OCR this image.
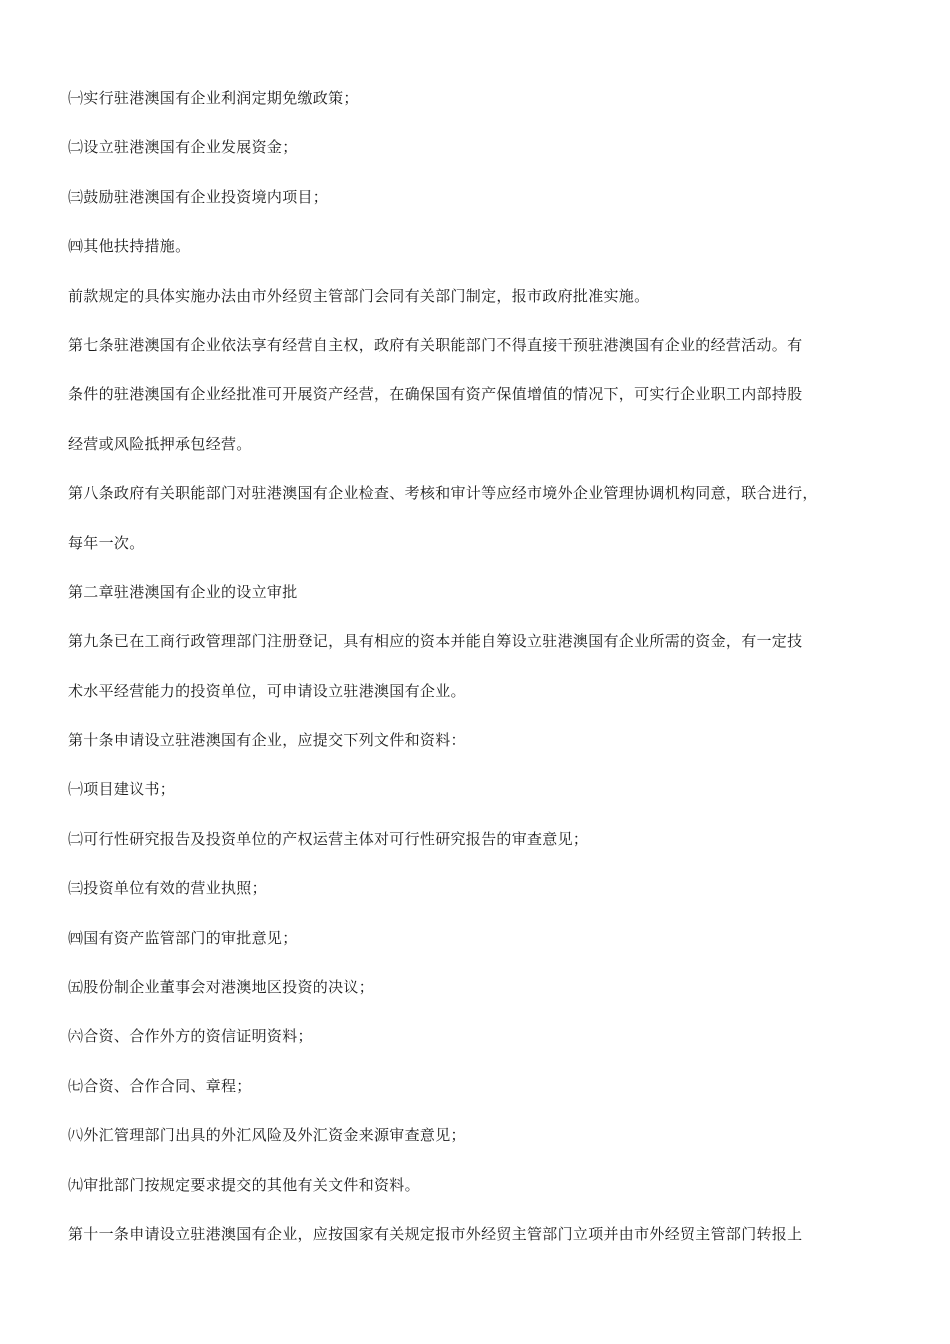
㈠实行驻港澳国有企业利润定期免缴政策；

㈡设立驻港澳国有企业发展资金；

㈢鼓励驻港澳国有企业投资境内项目；

㈣其他扶持措施。

前款规定的具体实施办法由市外经贸主管部门会同有关部门制定，报市政府批准实施。

第七条驻港澳国有企业依法享有经营自主权，政府有关职能部门不得直接干预驻港澳国有企业的经营活动。有

条件的驻港澳国有企业经批准可开展资产经营，在确保国有资产保值增值的情况下，可实行企业职工内部持股

经营或风险抵押承包经营。

第八条政府有关职能部门对驻港澳国有企业检查、考核和审计等应经市境外企业管理协调机构同意，联合进行，

每年一次。

第二章驻港澳国有企业的设立审批

第九条已在工商行政管理部门注册登记，具有相应的资本并能自筹设立驻港澳国有企业所需的资金，有一定技

术水平经营能力的投资单位，可申请设立驻港澳国有企业。

第十条申请设立驻港澳国有企业，应提交下列文件和资料：

㈠项目建议书；

㈡可行性研究报告及投资单位的产权运营主体对可行性研究报告的审查意见；

㈢投资单位有效的营业执照；

㈣国有资产监管部门的审批意见；

㈤股份制企业董事会对港澳地区投资的决议；

㈥合资、合作外方的资信证明资料；

㈦合资、合作合同、章程；

㈧外汇管理部门出具的外汇风险及外汇资金来源审查意见；

㈨审批部门按规定要求提交的其他有关文件和资料。

第十一条申请设立驻港澳国有企业，应按国家有关规定报市外经贸主管部门立项并由市外经贸主管部门转报上
